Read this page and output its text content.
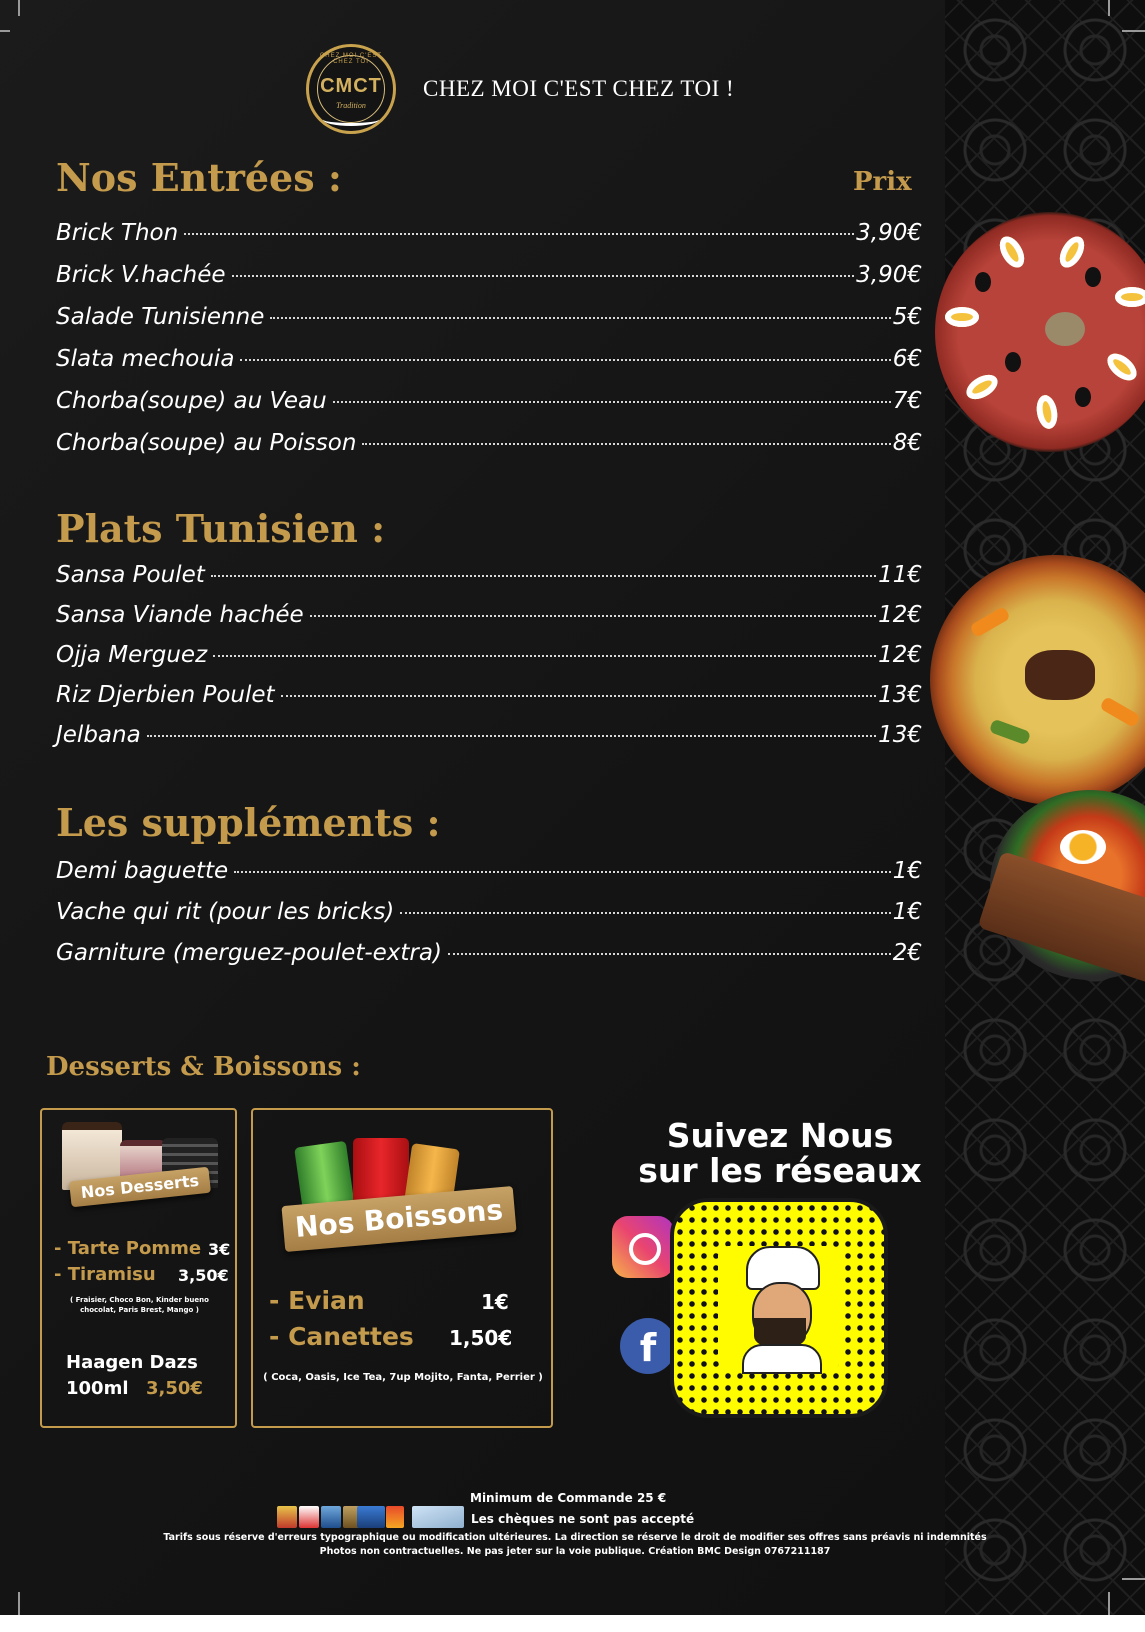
CHEZ MOI C'EST CHEZ TOI
CMCT
Tradition
CHEZ MOI C'EST CHEZ TOI !
Nos Entrées :	Prix
Brick Thon	3,90€
Brick V.hachée	3,90€
Salade Tunisienne	5€
Slata mechouia	6€
Chorba(soupe) au Veau	7€
Chorba(soupe) au Poisson	8€
Plats Tunisien :
Sansa Poulet	11€
Sansa Viande hachée	12€
Ojja Merguez	12€
Riz Djerbien Poulet	13€
Jelbana	13€
Les suppléments :
Demi baguette	1€
Vache qui rit (pour les bricks)	1€
Garniture (merguez-poulet-extra)	2€
Desserts & Boissons :
Nos Desserts
- Tarte Pomme 3€
- Tiramisu 3,50€
( Fraisier, Choco Bon, Kinder bueno chocolat, Paris Brest, Mango )
Haagen Dazs
100ml 3,50€
Nos Boissons
- Evian	1€
- Canettes 1,50€
( Coca, Oasis, Ice Tea, 7up Mojito, Fanta, Perrier )
Suivez Nous
sur les réseaux
f
Minimum de Commande 25 €
Les chèques ne sont pas accepté
Tarifs sous réserve d'erreurs typographique ou modification ultérieures. La direction se réserve le droit de modifier ses offres sans préavis ni indemnités
Photos non contractuelles. Ne pas jeter sur la voie publique. Création BMC Design 0767211187
